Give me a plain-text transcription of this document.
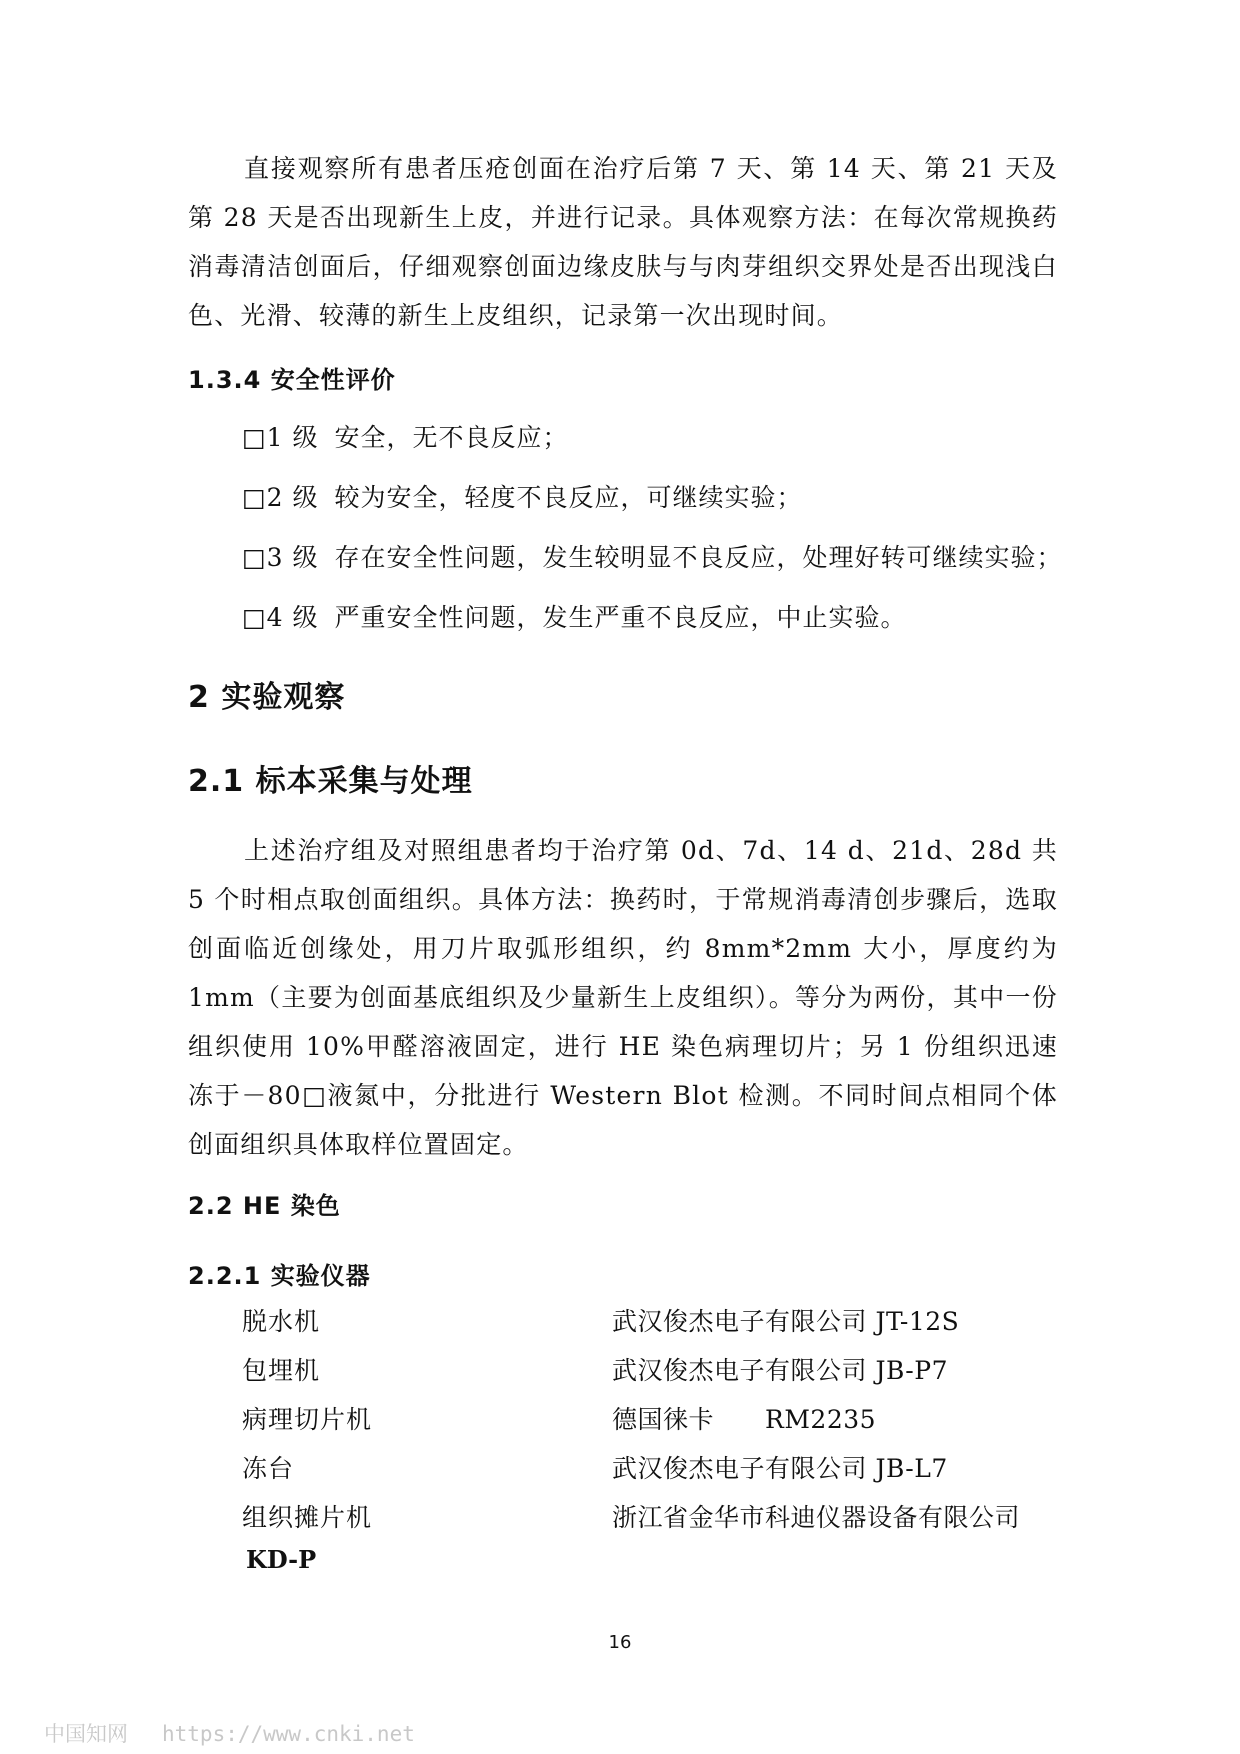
直接观察所有患者压疮创面在治疗后第 7 天、第 14 天、第 21 天及第 28 天是否出现新生上皮，并进行记录。具体观察方法：在每次常规换药消毒清洁创面后，仔细观察创面边缘皮肤与与肉芽组织交界处是否出现浅白色、光滑、较薄的新生上皮组织，记录第一次出现时间。

1.3.4 安全性评价
□1 级 安全，无不良反应；
□2 级 较为安全，轻度不良反应，可继续实验；
□3 级 存在安全性问题，发生较明显不良反应，处理好转可继续实验；
□4 级 严重安全性问题，发生严重不良反应，中止实验。
2 实验观察
2.1 标本采集与处理

上述治疗组及对照组患者均于治疗第 0d、7d、14 d、21d、28d 共 5 个时相点取创面组织。具体方法：换药时，于常规消毒清创步骤后，选取创面临近创缘处，用刀片取弧形组织，约 8mm*2mm 大小，厚度约为 1mm（主要为创面基底组织及少量新生上皮组织）。等分为两份，其中一份组织使用 10%甲醛溶液固定，进行 HE 染色病理切片；另 1 份组织迅速冻于－80□液氮中，分批进行 Western Blot 检测。不同时间点相同个体创面组织具体取样位置固定。

2.2 HE 染色
2.2.1 实验仪器
脱水机	武汉俊杰电子有限公司 JT-12S
包埋机	武汉俊杰电子有限公司 JB-P7
病理切片机	德国徕卡　　RM2235
冻台	武汉俊杰电子有限公司 JB-L7
组织摊片机	浙江省金华市科迪仪器设备有限公司
KD-P
16
中国知网 https://www.cnki.net
